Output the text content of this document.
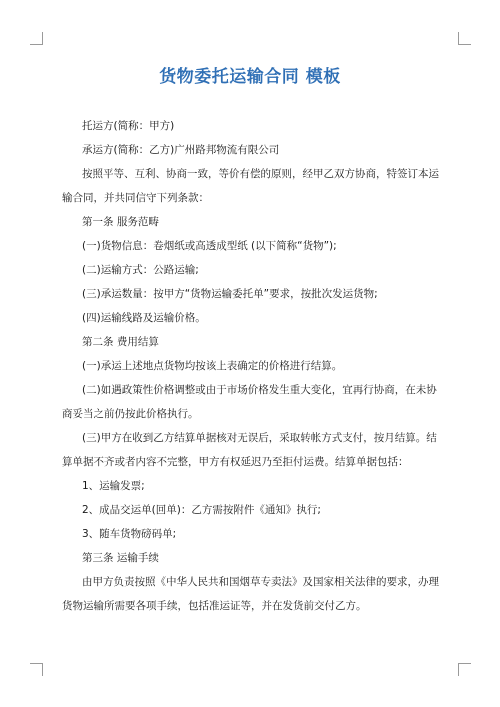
货物委托运输合同 模板

托运方(简称：甲方)

承运方(简称：乙方)广州路邦物流有限公司

按照平等、互利、协商一致，等价有偿的原则，经甲乙双方协商，特签订本运输合同，并共同信守下列条款：

第一条 服务范畴

(一)货物信息：卷烟纸或高透成型纸 (以下简称“货物”);

(二)运输方式：公路运输;

(三)承运数量：按甲方“货物运输委托单”要求，按批次发运货物;

(四)运输线路及运输价格。

第二条 费用结算

(一)承运上述地点货物均按该上表确定的价格进行结算。

(二)如遇政策性价格调整或由于市场价格发生重大变化，宜再行协商，在未协商妥当之前仍按此价格执行。

(三)甲方在收到乙方结算单据核对无误后，采取转帐方式支付，按月结算。结算单据不齐或者内容不完整，甲方有权延迟乃至拒付运费。结算单据包括：

1、运输发票;

2、成品交运单(回单)：乙方需按附件《通知》执行;

3、随车货物磅码单;

第三条 运输手续

由甲方负责按照《中华人民共和国烟草专卖法》及国家相关法律的要求，办理货物运输所需要各项手续，包括准运证等，并在发货前交付乙方。
